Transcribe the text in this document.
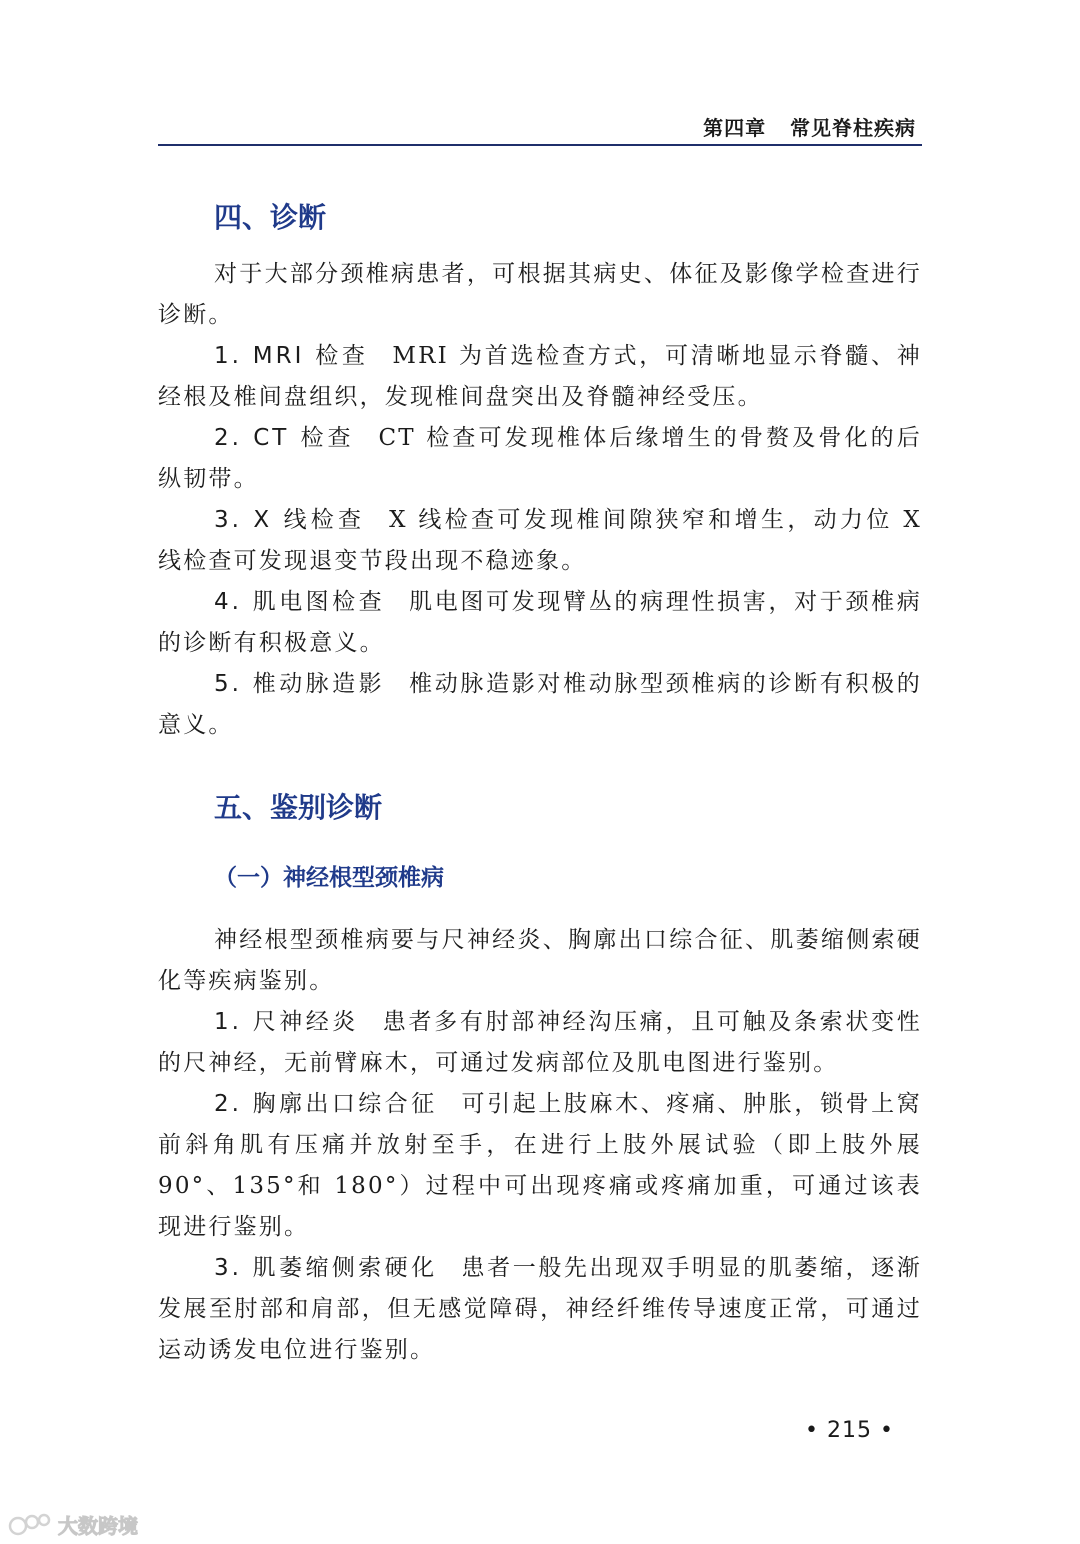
第四章 常见脊柱疾病
四、诊断

对于大部分颈椎病患者，可根据其病史、体征及影像学检查进行诊断。

1. MRI 检查 MRI 为首选检查方式，可清晰地显示脊髓、神经根及椎间盘组织，发现椎间盘突出及脊髓神经受压。

2. CT 检查 CT 检查可发现椎体后缘增生的骨赘及骨化的后纵韧带。

3. X 线检查 X 线检查可发现椎间隙狭窄和增生，动力位 X 线检查可发现退变节段出现不稳迹象。

4. 肌电图检查 肌电图可发现臂丛的病理性损害，对于颈椎病的诊断有积极意义。

5. 椎动脉造影 椎动脉造影对椎动脉型颈椎病的诊断有积极的意义。

五、鉴别诊断
（一）神经根型颈椎病

神经根型颈椎病要与尺神经炎、胸廓出口综合征、肌萎缩侧索硬化等疾病鉴别。

1. 尺神经炎 患者多有肘部神经沟压痛，且可触及条索状变性的尺神经，无前臂麻木，可通过发病部位及肌电图进行鉴别。

2. 胸廓出口综合征 可引起上肢麻木、疼痛、肿胀，锁骨上窝前斜角肌有压痛并放射至手，在进行上肢外展试验（即上肢外展 90°、135°和 180°）过程中可出现疼痛或疼痛加重，可通过该表现进行鉴别。

3. 肌萎缩侧索硬化 患者一般先出现双手明显的肌萎缩，逐渐发展至肘部和肩部，但无感觉障碍，神经纤维传导速度正常，可通过运动诱发电位进行鉴别。

• 215 •
大数跨境
